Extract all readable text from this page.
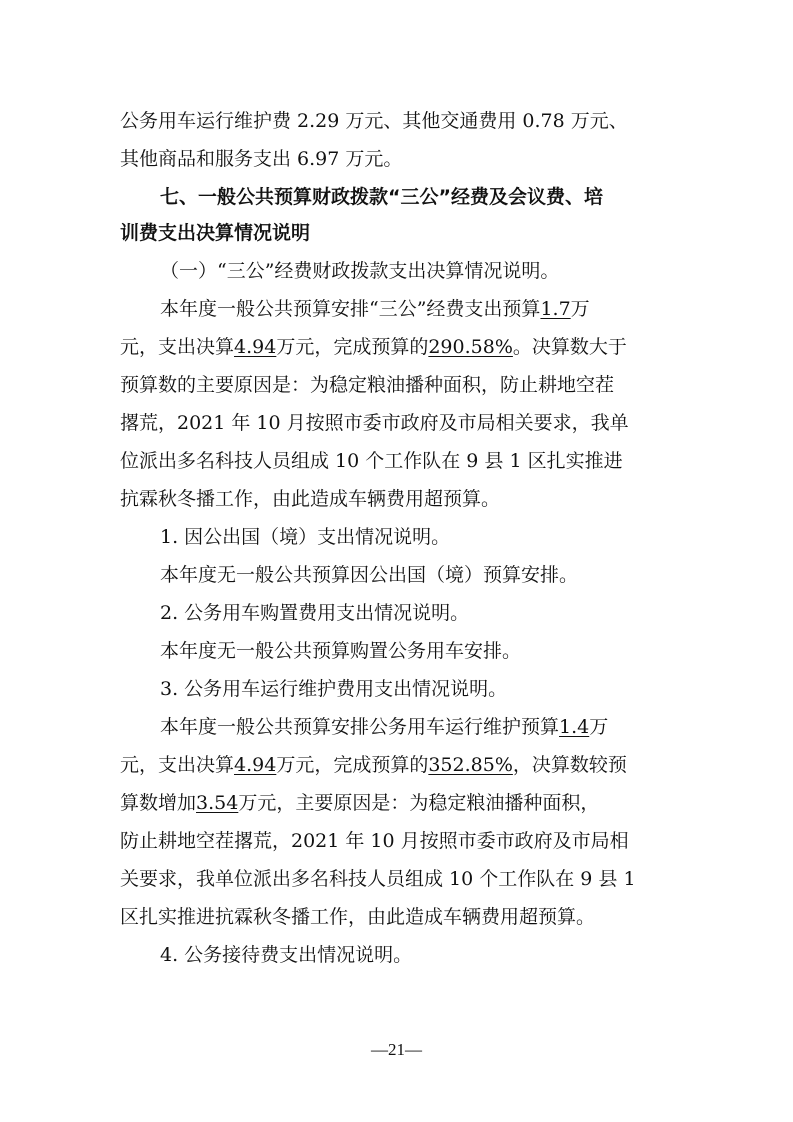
公务用车运行维护费 2.29 万元、其他交通费用 0.78 万元、
其他商品和服务支出 6.97 万元。
七、一般公共预算财政拨款“三公”经费及会议费、培
训费支出决算情况说明
（一）“三公”经费财政拨款支出决算情况说明。
本年度一般公共预算安排“三公”经费支出预算1.7万
元，支出决算4.94万元，完成预算的290.58%。决算数大于
预算数的主要原因是：为稳定粮油播种面积，防止耕地空茬
撂荒，2021 年 10 月按照市委市政府及市局相关要求，我单
位派出多名科技人员组成 10 个工作队在 9 县 1 区扎实推进
抗霖秋冬播工作，由此造成车辆费用超预算。
1. 因公出国（境）支出情况说明。
本年度无一般公共预算因公出国（境）预算安排。
2. 公务用车购置费用支出情况说明。
本年度无一般公共预算购置公务用车安排。
3. 公务用车运行维护费用支出情况说明。
本年度一般公共预算安排公务用车运行维护预算1.4万
元，支出决算4.94万元，完成预算的352.85%，决算数较预
算数增加3.54万元，主要原因是：为稳定粮油播种面积，
防止耕地空茬撂荒，2021 年 10 月按照市委市政府及市局相
关要求，我单位派出多名科技人员组成 10 个工作队在 9 县 1
区扎实推进抗霖秋冬播工作，由此造成车辆费用超预算。
4. 公务接待费支出情况说明。
—21—
